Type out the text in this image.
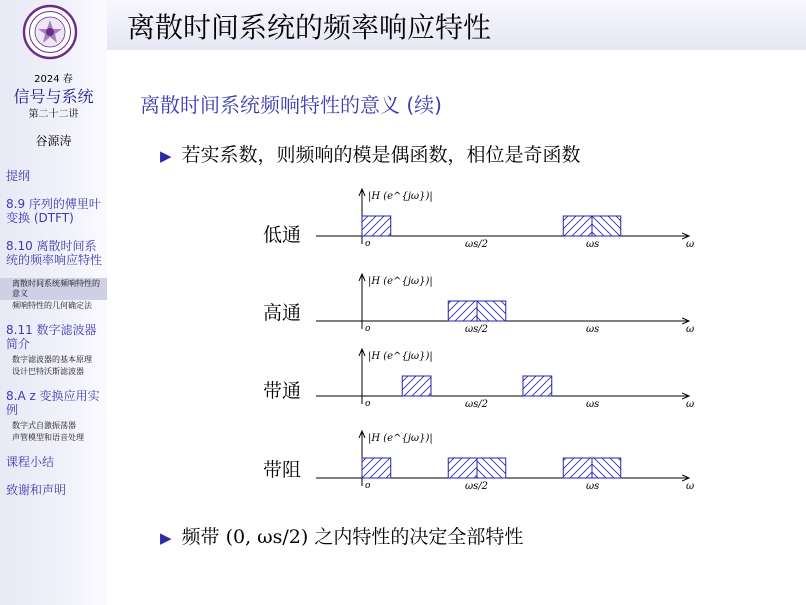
2024 春
信号与系统
第二十二讲
谷源涛
提纲
8.9 序列的傅里叶变换 (DTFT)
8.10 离散时间系统的频率响应特性
离散时间系统频响特性的意义
频响特性的几何确定法
8.11 数字滤波器简介
数字滤波器的基本原理
设计巴特沃斯滤波器
8.A z 变换应用实例
数字式自激振荡器
声管模型和语音处理
课程小结
致谢和声明
离散时间系统的频率响应特性
离散时间系统频响特性的意义 (续)
▶ 若实系数，则频响的模是偶函数，相位是奇函数
▶ 频带 (0, ωs/2) 之内特性的决定全部特性
低通
高通
带通
带阻
|H (e^{jω})|
o	ωs/2	ωs	ω
|H (e^{jω})|
o	ωs/2	ωs	ω
|H (e^{jω})|
o	ωs/2	ωs	ω
|H (e^{jω})|
o	ωs/2	ωs	ω
